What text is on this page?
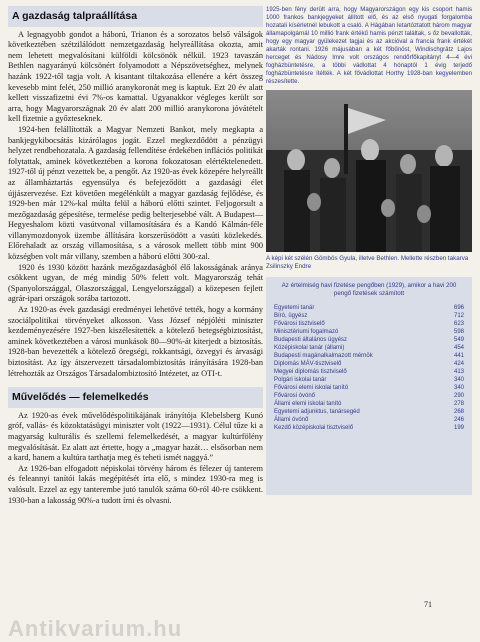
A gazdaság talpraállítása

A legnagyobb gondot a háború, Trianon és a sorozatos belső válságok következtében szétzilálódott nemzetgazdaság helyreállítása okozta, amit nem lehetett megvalósítani külföldi kölcsönök nélkül. 1923 tavaszán Bethlen nagyarányú kölcsönért folyamodott a Népszövetséghez, melynek hazánk 1922-től tagja volt. A kisantant tiltakozása ellenére a kért összeg kevesebb mint felét, 250 millió aranykoronát meg is kaptuk. Ezt 20 év alatt kellett visszafizetni évi 7%-os kamattal. Ugyanakkor végleges került sor arra, hogy Magyarországnak 20 év alatt 200 millió aranykorona jóvátételt kell fizetnie a győzteseknek.

1924-ben felállították a Magyar Nemzeti Bankot, mely megkapta a bankjegykibocsátás kizárólagos jogát. Ezzel megkezdődött a pénzügyi helyzet rendbehozatala. A gazdaság fellendítése érdekében inflációs politikát folytattak, aminek következtében a korona fokozatosan elértéktelenedett. 1927-től új pénzt vezettek be, a pengőt. Az 1920-as évek közepére helyreállt az államháztartás egyensúlya és befejeződött a gazdasági élet újjászervezése. Ezt követően megélénkült a magyar gazdaság fejlődése, és 1929-ben már 12%-kal múlta felül a háború előtti szintet. Feljogorsult a mezőgazdaság gépesítése, termelése pedig belterjesebbé vált. A Budapest—Hegyeshalom közti vasútvonal villamosítására és a Kandó Kálmán-féle villanymozdonyok üzembe állítására korszerűsödött a vasúti közlekedés. Előrehaladt az ország villamosítása, s a városok mellett több mint 900 községben volt már villany, szemben a háború előtti 300-zal.

1920 és 1930 között hazánk mezőgazdaságból élő lakosságának aránya csökkent ugyan, de még mindig 50% felett volt. Magyarország tehát (Spanyolországgal, Olaszországgal, Lengyelországgal) a közepesen fejlett agrár-ipari országok sorába tartozott.

Az 1920-as évek gazdasági eredményei lehetővé tették, hogy a kormány szociálpolitikai törvényeket alkosson. Vass József népjóléti miniszter kezdeményezésére 1927-ben kiszélesítették a kötelező betegségbiztosítást, aminek következtében a városi munkások 80—90%-át kiterjedt a biztosítás. 1928-ban bevezették a kötelező öregségi, rokkantsági, özvegyi és árvasági biztosítást. Az így átszervezett társadalombiztosítás irányítására 1928-ban létrehozták az Országos Társadalombiztosító Intézetet, az OTI-t.

Művelődés — felemelkedés

Az 1920-as évek művelődéspolitikájának irányítója Klebelsberg Kunó gróf, vallás- és közoktatásügyi miniszter volt (1922—1931). Célul tűze ki a magyarság kulturális és szellemi felemelkedését, a magyar kultúrfölény megvalósítását. Ez alatt azt értette, hogy a „magyar hazát… elsősorban nem a kard, hanem a kultúra tarthatja meg és teheti ismét naggyá.”

Az 1926-ban elfogadott népiskolai törvény három és félezer új tanterem és feleannyi tanítói lakás megépítését írta elő, s mindez 1930-ra meg is valósult. Ezzel az egy tanterembe jutó tanulók száma 60-ról 40-re csökkent. 1930-ban a lakosság 90%-a tudott írni és olvasni.

1925-ben fény derült arra, hogy Magyarországon egy kis csoport hamis 1000 frankos bankjegyeket állított elő, és az első nyugati forgalomba hozatali kísérletnél lebukott a csaló. A Hágában letartóztatott három magyar államapolgárnál 10 millió frank értékű hamis pénzt találtak, s őz bevallották, hogy egy magyar gyülekezet tagjai és az akcióval a francia frank értékét akarták rontani. 1926 májusában a két főbűnöst, Windischgrätz Lajos herceget és Nádosy Imre volt országos rendőrfőkapitányt 4—4 évi fogházbüntetésre, a többi vádlottat 4 hónaptól 1 évig terjedő fogházbüntetésre ítélték. A két fővádlottat Horthy 1928-ban kegyelemben részesítette.

A képi két szélén Gömbös Gyula, illetve Bethlen. Mellette részben takarva Zsilinszky Endre

Az értelmiség havi fizetése pengőben (1929), amikor a havi 200 pengő fizetések számított
Egyetemi tanár	696
Bíró, ügyész	712
Fővárosi tisztviselő	623
Minisztériumi fogalmazó	598
Budapesti általános ügyész	549
Középiskolai tanár (állami)	454
Budapesti magánalkalmazott mérnök	441
Diplomás MÁV-tisztviselő	424
Megyei diplomás tisztviselő	413
Polgári iskolai tanár	340
Fővárosi elemi iskolai tanító	340
Fővárosi óvónő	290
Állami elemi iskolai tanító	278
Egyetemi adjunktus, tanársegéd	268
Állami óvónő	246
Kezdő középiskolai tisztviselő	199
71
Antikvarium.hu
